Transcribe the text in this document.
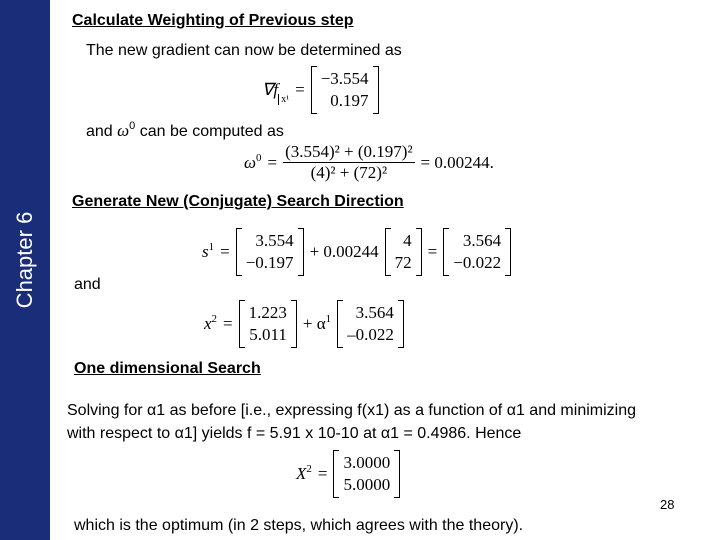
Chapter 6
Calculate Weighting of Previous step
The new gradient can now be determined as
$\nabla f_{x^1}$
=
−3.554
0.197
and $\omega^0$ can be computed as
$\omega^0 = \frac{\text{(3.554)² + (0.197)²}}{\text{(4)² + (72)²}} = 0.00244$.
Generate New (Conjugate) Search Direction
$s^1$ =
3.554
−0.197
+ 0.00244
4
72
=
3.564
−0.022
and
$x^2$ =
1.223
5.011
+ $\alpha^1$ 3.564
–0.022
One dimensional Search
Solving for α1 as before [i.e., expressing f(x1) as a function of α1 and minimizing
with respect to α1] yields f = 5.91 x 10-10 at α1 = 0.4986. Hence
$X^2$ =
3.0000
5.0000
28
which is the optimum (in 2 steps, which agrees with the theory).
